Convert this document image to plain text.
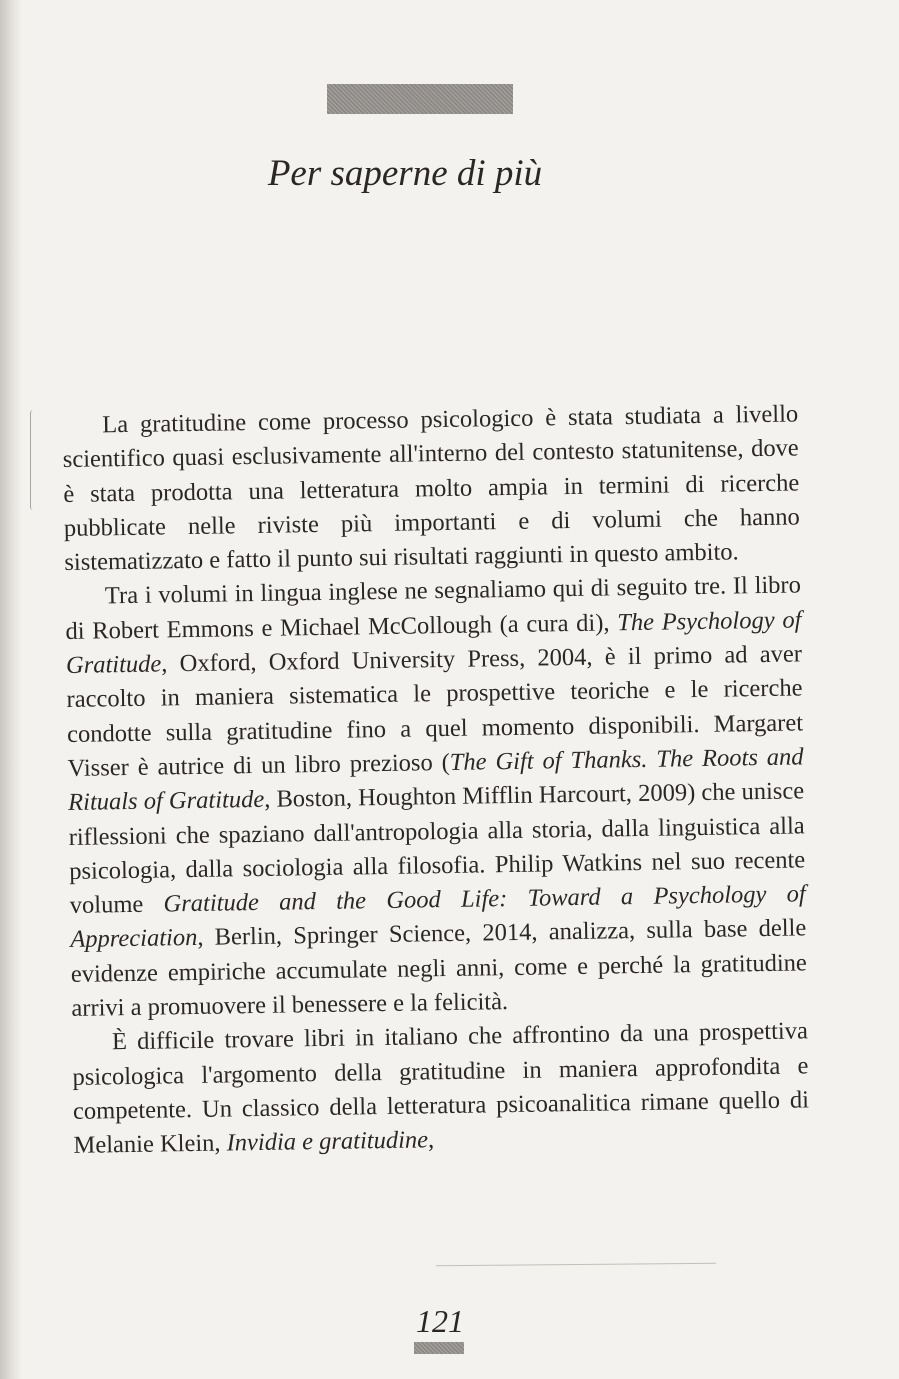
Per saperne di più

La gratitudine come processo psicologico è stata studiata a livello scientifico quasi esclusivamente all'interno del contesto statunitense, dove è stata prodotta una letteratura molto ampia in termini di ricerche pubblicate nelle riviste più importanti e di volumi che hanno sistematizzato e fatto il punto sui risultati raggiunti in questo ambito.

Tra i volumi in lingua inglese ne segnaliamo qui di seguito tre. Il libro di Robert Emmons e Michael McCollough (a cura di), The Psychology of Gratitude, Oxford, Oxford University Press, 2004, è il primo ad aver raccolto in maniera sistematica le prospettive teoriche e le ricerche condotte sulla gratitudine fino a quel momento disponibili. Margaret Visser è autrice di un libro prezioso (The Gift of Thanks. The Roots and Rituals of Gratitude, Boston, Houghton Mifflin Harcourt, 2009) che unisce riflessioni che spaziano dall'antropologia alla storia, dalla linguistica alla psicologia, dalla sociologia alla filosofia. Philip Watkins nel suo recente volume Gratitude and the Good Life: Toward a Psychology of Appreciation, Berlin, Springer Science, 2014, analizza, sulla base delle evidenze empiriche accumulate negli anni, come e perché la gratitudine arrivi a promuovere il benessere e la felicità.

È difficile trovare libri in italiano che affrontino da una prospettiva psicologica l'argomento della gratitudine in maniera approfondita e competente. Un classico della letteratura psicoanalitica rimane quello di Melanie Klein, Invidia e gratitudine,

121
